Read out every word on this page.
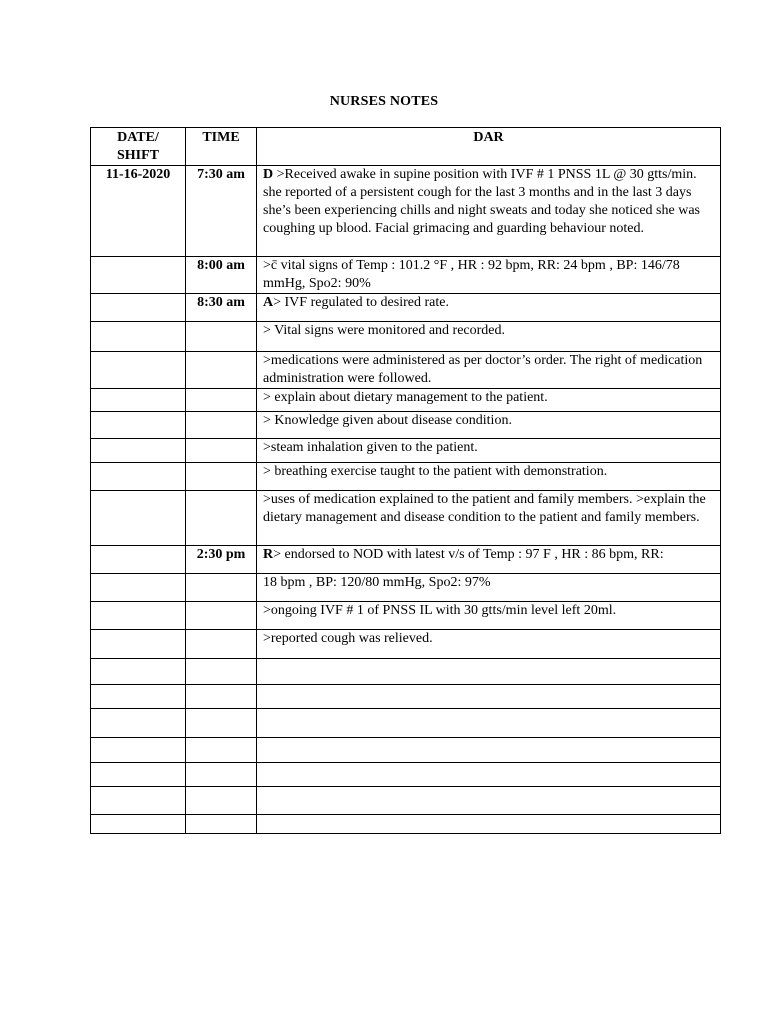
NURSES NOTES
DATE/ SHIFT	TIME	DAR
11-16-2020	7:30 am	D >Received awake in supine position with IVF # 1 PNSS 1L @ 30 gtts/min. she reported of a persistent cough for the last 3 months and in the last 3 days she’s been experiencing chills and night sweats and today she noticed she was coughing up blood. Facial grimacing and guarding behaviour noted.
	8:00 am	>c̄ vital signs of Temp : 101.2 °F , HR : 92 bpm, RR: 24 bpm , BP: 146/78 mmHg, Spo2: 90%
	8:30 am	A> IVF regulated to desired rate.
		> Vital signs were monitored and recorded.
		>medications were administered as per doctor’s order. The right of medication administration were followed.
		> explain about dietary management to the patient.
		> Knowledge given about disease condition.
		>steam inhalation given to the patient.
		> breathing exercise taught to the patient with demonstration.
		>uses of medication explained to the patient and family members. >explain the dietary management and disease condition to the patient and family members.
	2:30 pm	R> endorsed to NOD with latest v/s of Temp : 97 F , HR : 86 bpm, RR:
		18 bpm , BP: 120/80 mmHg, Spo2: 97%
		>ongoing IVF # 1 of PNSS IL with 30 gtts/min level left 20ml.
		>reported cough was relieved.
